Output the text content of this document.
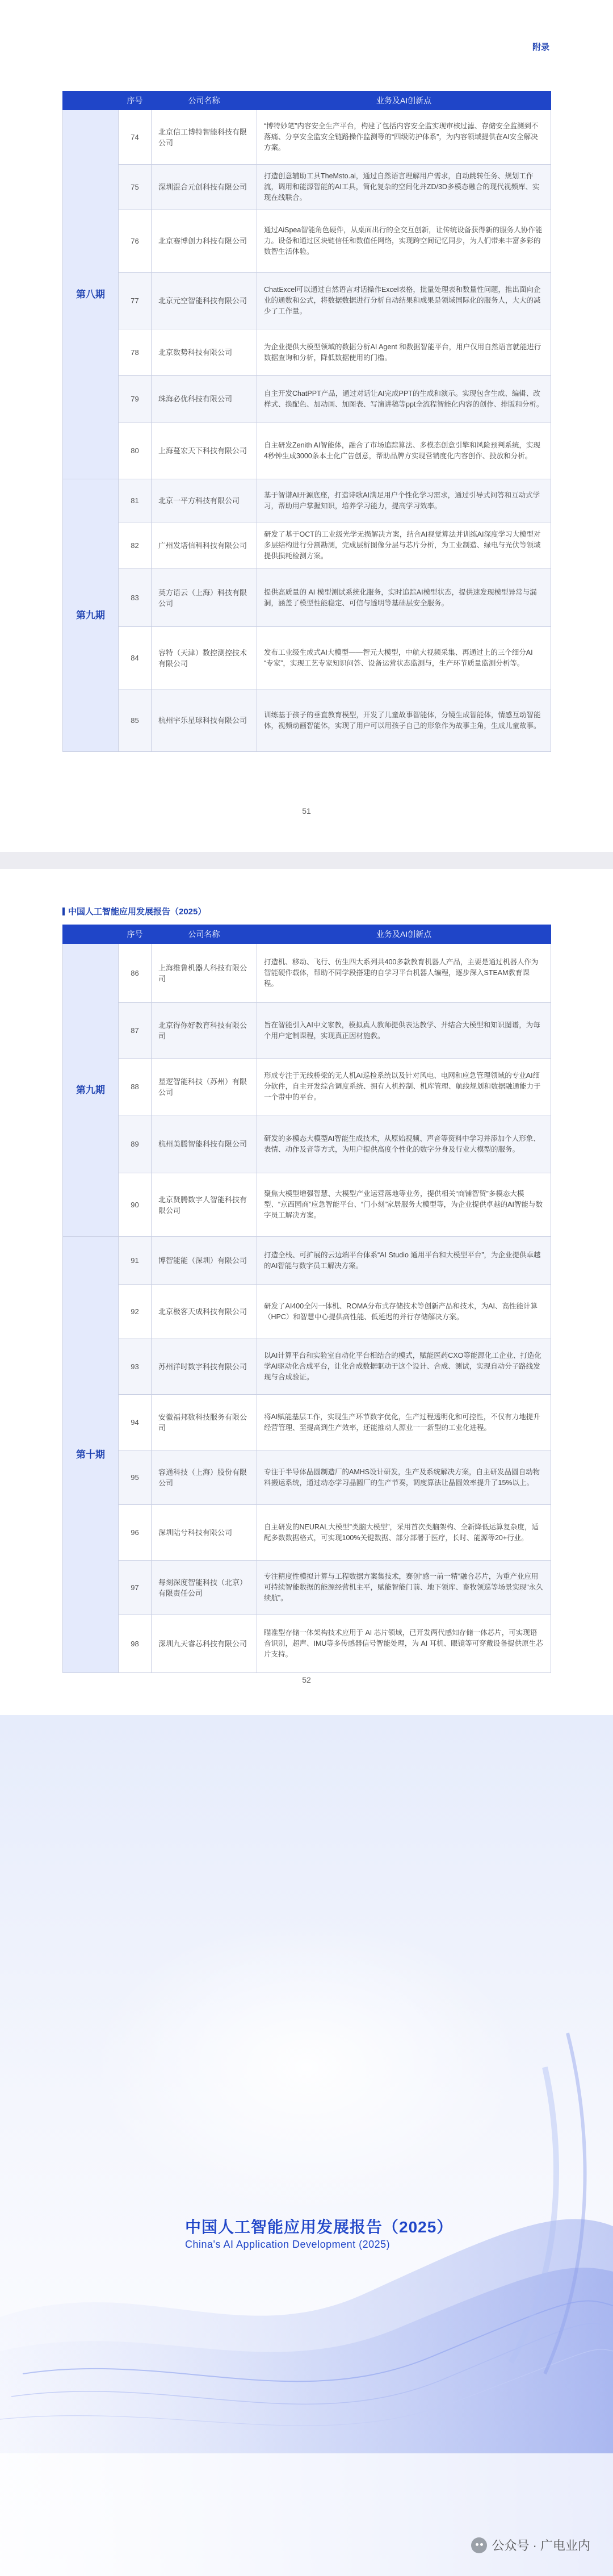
附录
	序号	公司名称	业务及AI创新点
第八期	74	北京信工博特智能科技有限公司	“博特妙笔”内容安全生产平台，构建了包括内容安全监实现审核过滤、存储安全监测到不落痛、分享安全监安全链路操作监测等的“四级防护体系”，为内容领域提供在AI安全解决方案。
	75	深圳混合元创科技有限公司	打造创意辅助工具TheMsto.ai，通过自然语言理解用户需求，自动跳转任务、规划工作流，调用和能源智能的AI工具，简化复杂的空间化并ZD/3D多模态融合的现代视频库、实现在线联合。
	76	北京赛博创力科技有限公司	通过AiSpea智能角色硬件，从桌面出行的全交互创新，让传统设备获得新的服务人协作能力。设备和通过区块链信任和数值任网络，实现跨空间记忆同步，为人们带来丰富多彩的数智生活体验。
	77	北京元空智能科技有限公司	ChatExcel可以通过自然语言对话操作Excel表格，批量处理表和数量性问题，推出面向企业的通数和公式，将数据数据进行分析自动结果和成果是领域国际化的服务人，大大的减少了工作量。
	78	北京数势科技有限公司	为企业提供大模型领域的数据分析AI Agent 和数据智能平台，用户仅用自然语言就能进行数据查询和分析，降低数据使用的门槛。
	79	珠海必优科技有限公司	自主开发ChatPPT产品，通过对话让AI完成PPT的生成和演示。实现包含生成、编辑、改样式、换配色、加动画、加图表、写演讲稿等ppt全流程智能化内容的创作、排版和分析。
	80	上海蔓宏天下科技有限公司	自主研发Zenith AI智能体，融合了市场追踪算法、多模态创意引擎和风险预判系统，实现4秒钟生成3000条本土化广告创意，帮助品牌方实现营销度化内容创作、投放和分析。
第九期	81	北京一平方科技有限公司	基于智谱AI开源底座，打造诗歌AI满足用户个性化学习需求，通过引导式问答和互动式学习，帮助用户掌握知识，培养学习能力，提高学习效率。
	82	广州发塔信科科技有限公司	研发了基于OCT的工业级光学无损解决方案，结合AI视觉算法并训练AI深度学习大模型对多层结构进行分割勘测，完成层析图像分层与芯片分析，为工业制造、绿电与光伏等领域提供损耗检测方案。
	83	英方语云（上海）科技有限公司	提供高质量的 AI 模型测试系统化服务，实时追踪AI模型状态，提供速发现模型异常与漏洞，涵盖了模型性能稳定、可信与透明等基础层安全服务。
	84	容特（天津）数控测控技术有限公司	发布工业级生成式AI大模型——智元大模型，中航大视频采集、再通过上的三个细分AI “专家”，实现工艺专家知识问答、设备运营状态监测与，生产环节质量监测分析等。
	85	杭州宇乐星球科技有限公司	训练基于孩子的垂直教育模型，开发了儿童故事智能体，分镜生成智能体，情感互动智能体，视频动画智能体，实现了用户可以用孩子自己的形象作为故事主角，生成儿童故事。
51
中国人工智能应用发展报告（2025）
	序号	公司名称	业务及AI创新点
第九期	86	上海维鲁机器人科技有限公司	打造机、移动、飞行、仿生四大系列共400多款教育机器人产品，主要是通过机器人作为智能硬件载体，帮助不同学段搭建的自学习平台机器人编程，逐步深入STEAM教育课程。
	87	北京得你好教育科技有限公司	旨在智能引入AI中文家教，模拟真人教师提供表达教学、并结合大模型和知识图谱，为每个用户定制课程，实现真正因材施教。
	88	星逻智能科技（苏州）有限公司	形成专注于无线桥梁的无人机AI巡检系统以及针对风电、电网和应急管理领域的专业AI细分软件，自主开发综合调度系统、拥有人机控制、机库管理、航线规划和数据融通能力于一个带中的平台。
	89	杭州美腾智能科技有限公司	研发的多模态大模型AI智能生成技术，从原始视频、声音等资料中学习并添加个人形象、表情、动作及音等方式，为用户提供高度个性化的数字分身及行业大模型的服务。
	90	北京贤腾数字人智能科技有限公司	聚焦大模型增强智慧、大模型产业运营落地等业务，提供相关“商铺智贸”多模态大模型、“京西园商”应急智能平台、“门小刻”家居服务大模型等，为企业提供卓越的AI智能与数字员工解决方案。
第十期	91	博智能能（深圳）有限公司	打造全栈、可扩展的云边端平台体系“AI Studio 通用平台和大模型平台”，为企业提供卓越的AI智能与数字员工解决方案。
	92	北京极客天成科技有限公司	研发了AI400全闪一体机、ROMA分布式存储技术等创新产品和技术，为AI、高性能计算（HPC）和智慧中心提供高性能、低延迟的并行存储解决方案。
	93	苏州洋时数字科技有限公司	以AI计算平台和实验室自动化平台相结合的模式，赋能医药CXO等能源化工企业、打造化学AI驱动化合成平台，让化合成数据驱动于这个设计、合成、测试，实现自动分子路线发现与合成验证。
	94	安徽福邦数科技服务有限公司	将AI赋能基层工作，实现生产环节数字优化，生产过程透明化和可控性，不仅有力地提升经营管理、至提高到生产效率，还能推动人源业一一新型的工业化进程。
	95	容通科技（上海）股份有限公司	专注于半导体晶圆制造厂的AMHS设计研发，生产及系统解决方案，自主研发晶圆自动物料搬运系统，通过动态学习晶圆厂的生产节奏，调度算法让晶圆效率提升了15%以上。
	96	深圳陆兮科技有限公司	自主研发的NEURAL大模型”类脑大模型”，采用首次类脑架构、全新降低运算复杂度，适配多数数据格式，可实现100%关键数据、部分部署于医疗，长时、能源等20+行业。
	97	每刻深度智能科技（北京）有限责任公司	专注精度性模拟计算与工程数据方案集技术，赛创“感一前一精”融合芯片，为重产业应用可持续智能数据的能源经营机主平，赋能智能门前、地下领库、畜牧领巡等场景实现“永久续航”。
	98	深圳九天睿芯科技有限公司	瞄准型存储一体架构技术应用于 AI 芯片领域，已开发两代感知存储一体芯片，可实现语音识别，超声、IMU等多传感器信号智能处理，为 AI 耳机、眼镜等可穿戴设备提供原生芯片支持。
52
中国人工智能应用发展报告（2025）
China's AI Application Development (2025)
公众号 · 广电业内
